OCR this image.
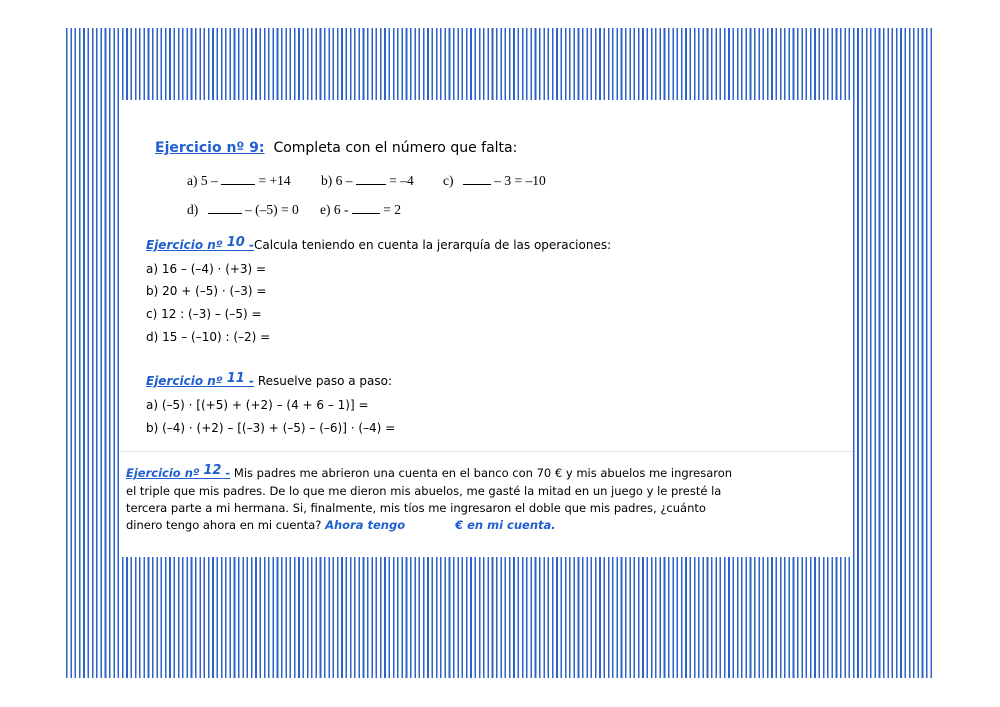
Ejercicio nº 9: Completa con el número que falta:
a) 5 –	= +14 b) 6 –	= –4 c)	– 3 = –10
d)	– (–5) = 0 e) 6 -	= 2
Ejercicio nº 10 -Calcula teniendo en cuenta la jerarquía de las operaciones:
a) 16 – (–4) · (+3) =
b) 20 + (–5) · (–3) =
c) 12 : (–3) – (–5) =
d) 15 – (–10) : (–2) =
Ejercicio nº 11 - Resuelve paso a paso:
a) (–5) · [(+5) + (+2) – (4 + 6 – 1)] =
b) (–4) · (+2) – [(–3) + (–5) – (–6)] · (–4) =
Ejercicio nº 12 - Mis padres me abrieron una cuenta en el banco con 70 € y mis abuelos me ingresaron
el triple que mis padres. De lo que me dieron mis abuelos, me gasté la mitad en un juego y le presté la
tercera parte a mi hermana. Si, finalmente, mis tíos me ingresaron el doble que mis padres, ¿cuánto
dinero tengo ahora en mi cuenta? Ahora tengo	€ en mi cuenta.
